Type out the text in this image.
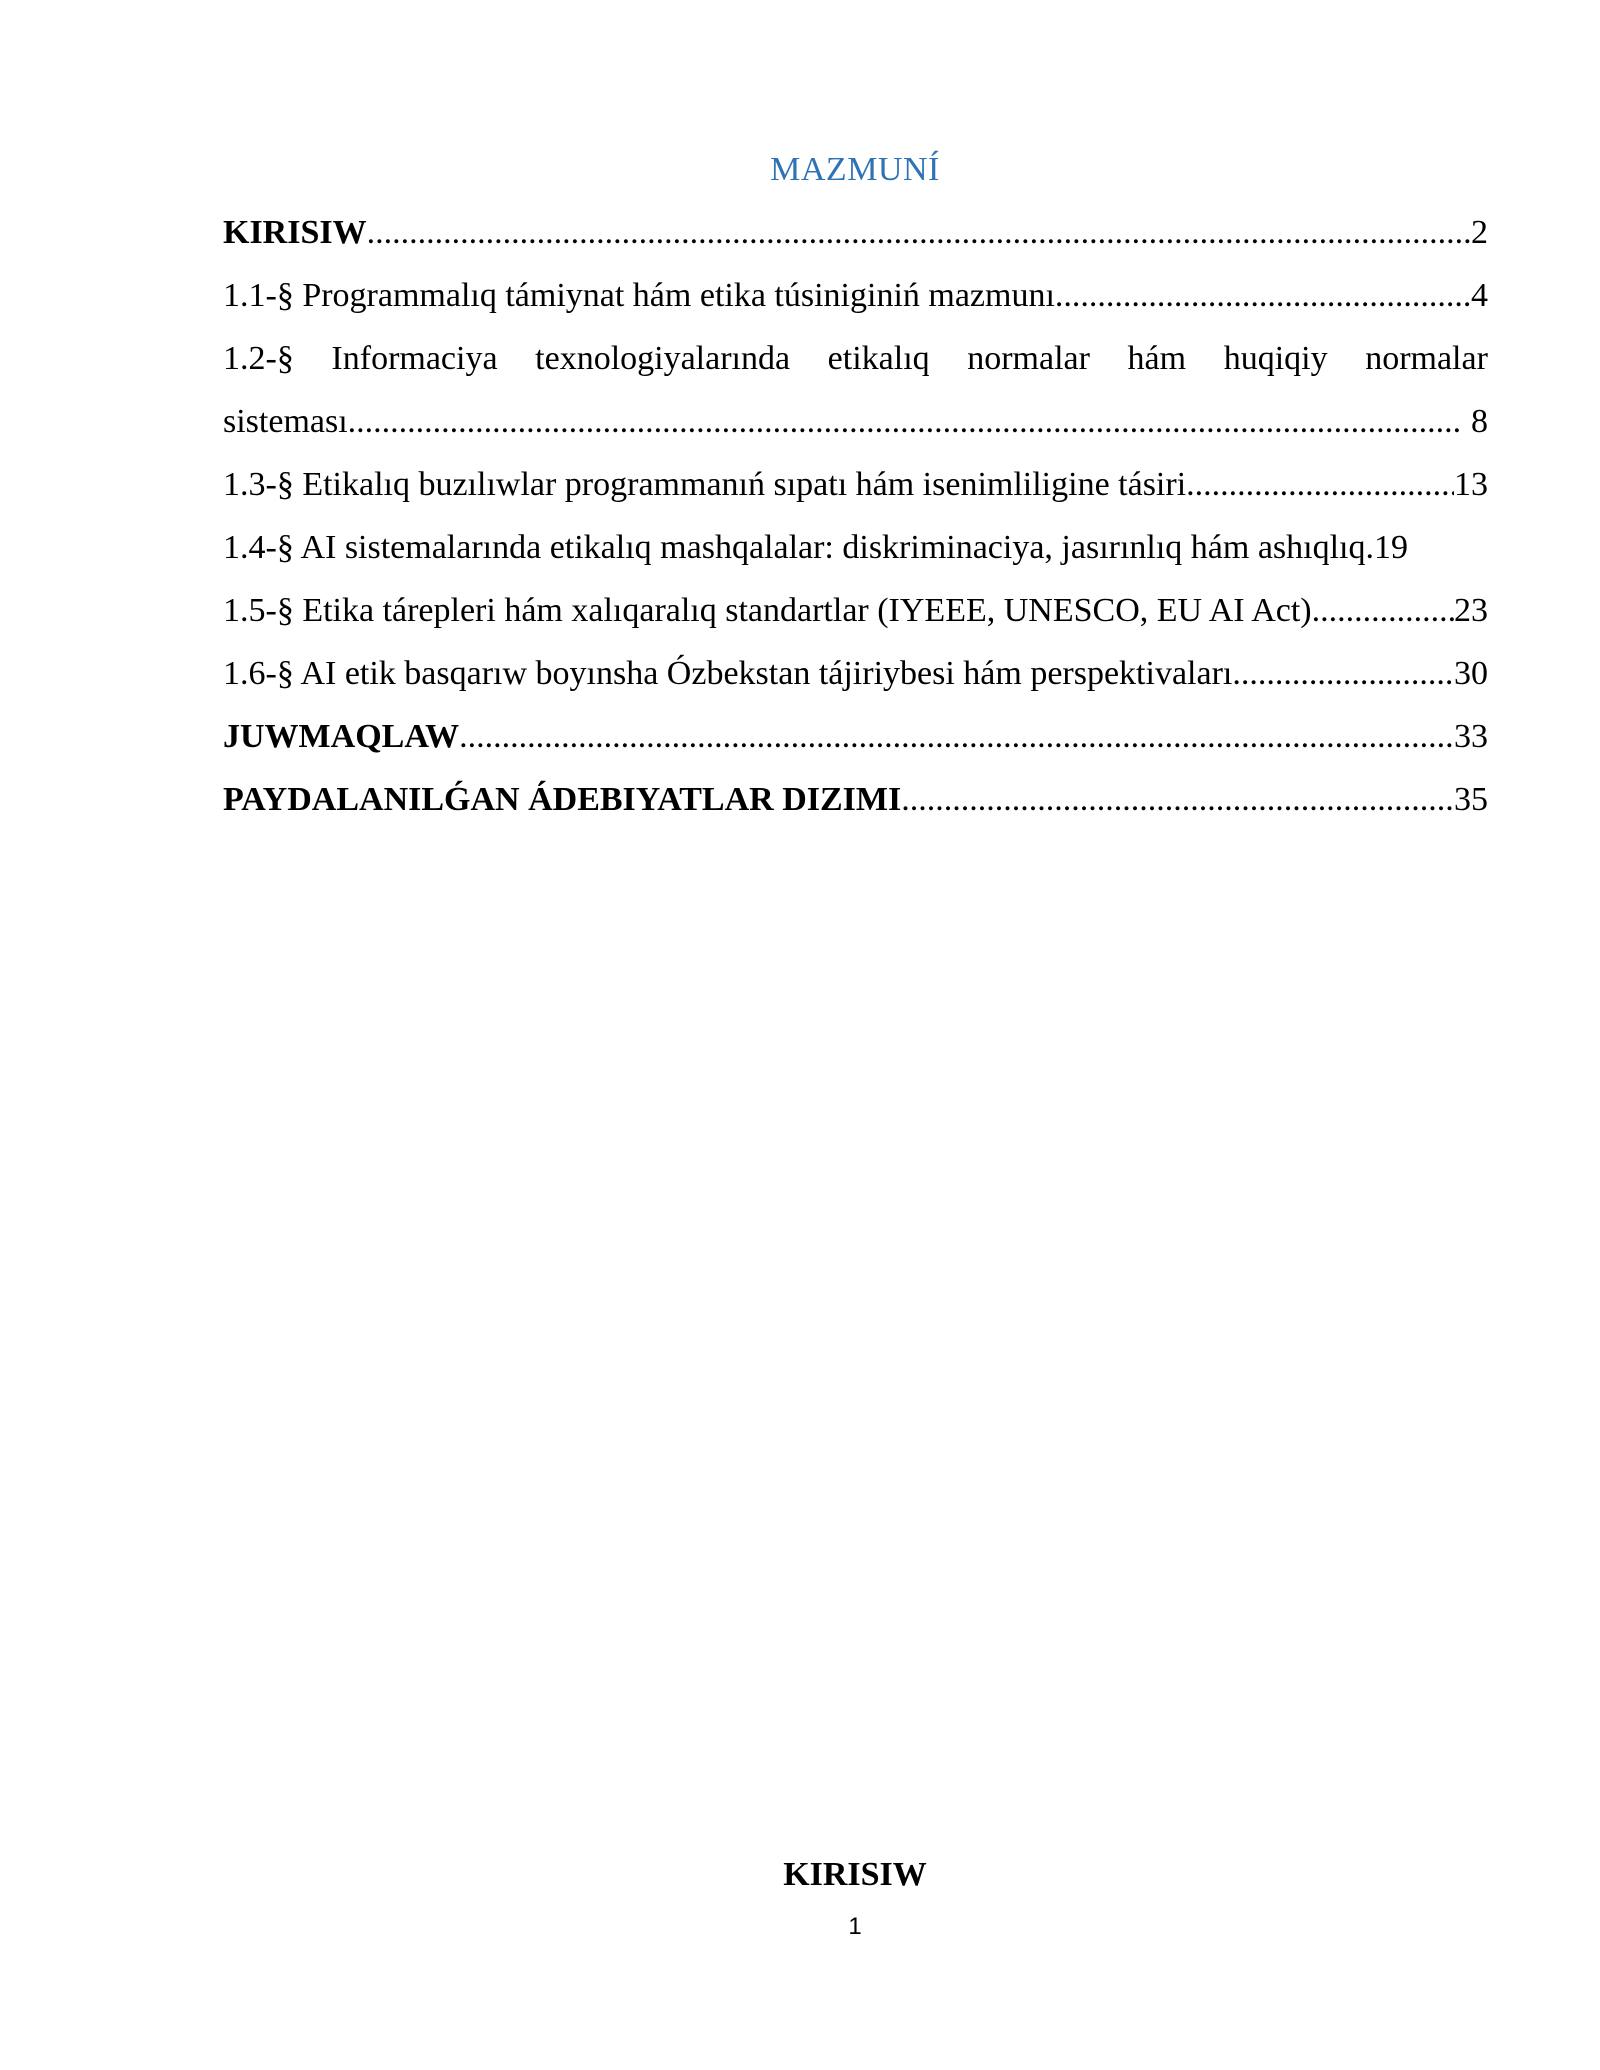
MAZMUNÍ
KIRISIW .....	2
1.1-§ Programmalıq támiynat hám etika túsiniginiń mazmunı. .....	4
1.2-§ Informaciya texnologiyalarında etikalıq normalar hám huqiqiy normalar
sisteması. .....	8
1.3-§ Etikalıq buzılıwlar programmanıń sıpatı hám isenimliligine tásiri. .....	13
1.4-§ AI sistemalarında etikalıq mashqalalar: diskriminaciya, jasırınlıq hám ashıqlıq. 19
1.5-§ Etika tárepleri hám xalıqaralıq standartlar (IYEEE, UNESCO, EU AI Act). .....	23
1.6-§ AI etik basqarıw boyınsha Ózbekstan tájiriybesi hám perspektivaları. .....	30
JUWMAQLAW .....	33
PAYDALANILǴAN ÁDEBIYATLAR DIZIMI .....	35
KIRISIW
1
